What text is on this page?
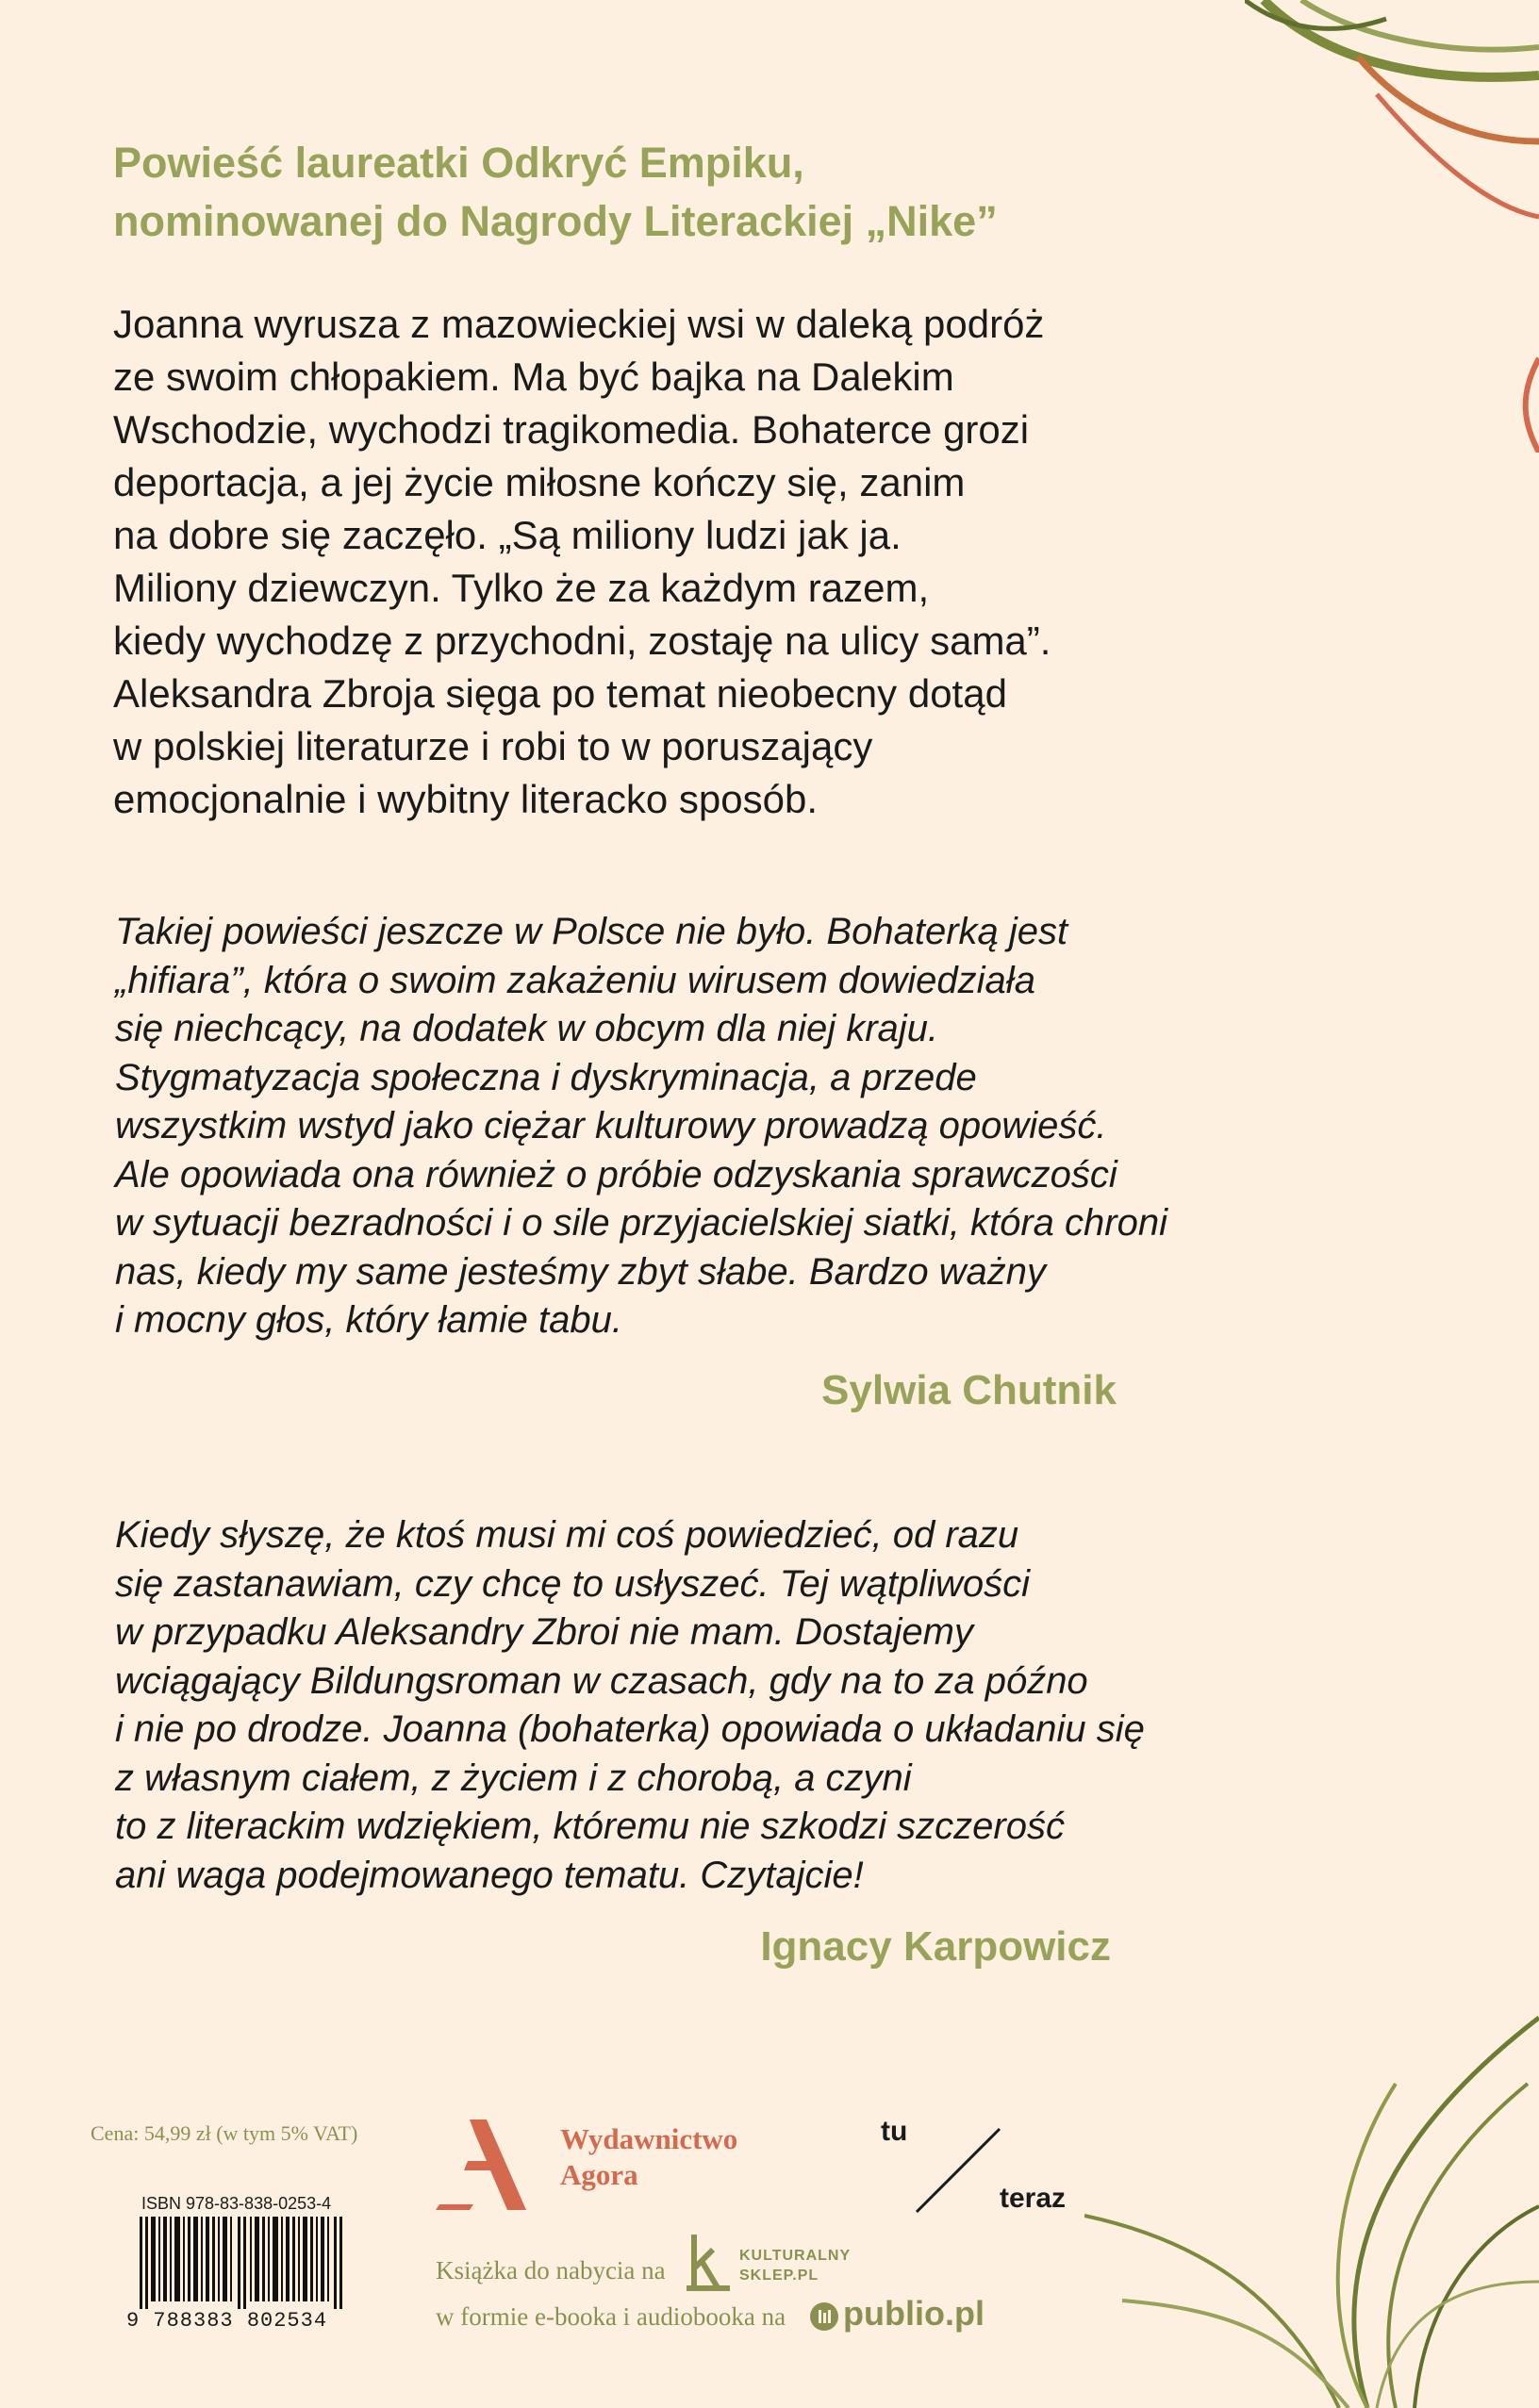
Powieść laureatki Odkryć Empiku,
nominowanej do Nagrody Literackiej „Nike”
Joanna wyrusza z mazowieckiej wsi w daleką podróż
ze swoim chłopakiem. Ma być bajka na Dalekim
Wschodzie, wychodzi tragikomedia. Bohaterce grozi
deportacja, a jej życie miłosne kończy się, zanim
na dobre się zaczęło. „Są miliony ludzi jak ja.
Miliony dziewczyn. Tylko że za każdym razem,
kiedy wychodzę z przychodni, zostaję na ulicy sama”.
Aleksandra Zbroja sięga po temat nieobecny dotąd
w polskiej literaturze i robi to w poruszający
emocjonalnie i wybitny literacko sposób.
Takiej powieści jeszcze w Polsce nie było. Bohaterką jest
„hifiara”, która o swoim zakażeniu wirusem dowiedziała
się niechcący, na dodatek w obcym dla niej kraju.
Stygmatyzacja społeczna i dyskryminacja, a przede
wszystkim wstyd jako ciężar kulturowy prowadzą opowieść.
Ale opowiada ona również o próbie odzyskania sprawczości
w sytuacji bezradności i o sile przyjacielskiej siatki, która chroni
nas, kiedy my same jesteśmy zbyt słabe. Bardzo ważny
i mocny głos, który łamie tabu.
Sylwia Chutnik
Kiedy słyszę, że ktoś musi mi coś powiedzieć, od razu
się zastanawiam, czy chcę to usłyszeć. Tej wątpliwości
w przypadku Aleksandry Zbroi nie mam. Dostajemy
wciągający Bildungsroman w czasach, gdy na to za późno
i nie po drodze. Joanna (bohaterka) opowiada o układaniu się
z własnym ciałem, z życiem i z chorobą, a czyni
to z literackim wdziękiem, któremu nie szkodzi szczerość
ani waga podejmowanego tematu. Czytajcie!
Ignacy Karpowicz
Cena: 54,99 zł (w tym 5% VAT)
ISBN 978-83-838-0253-4
9 788383 802534
Wydawnictwo
Agora
tu
teraz
Książka do nabycia na
KULTURALNY
SKLEP.PL
w formie e-booka i audiobooka na publio.pl
